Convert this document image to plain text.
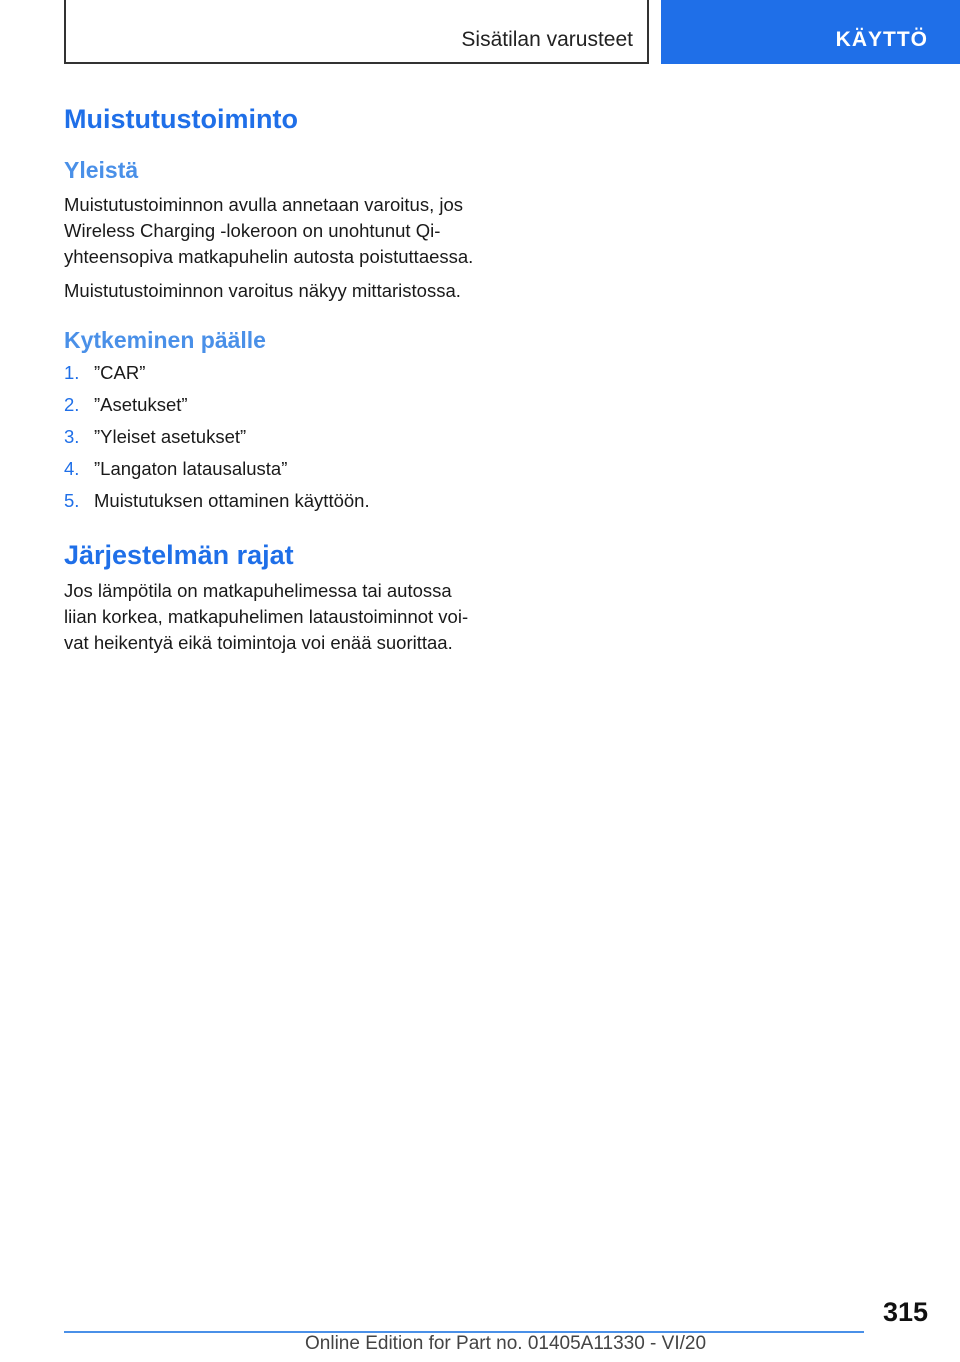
Sisätilan varusteet	KÄYTTÖ
Muistutustoiminto
Yleistä

Muistutustoiminnon avulla annetaan varoitus, jos Wireless Charging ‑lokeroon on unohtunut Qi-yhteensopiva matkapuhelin autosta poistuttaessa.

Muistutustoiminnon varoitus näkyy mittaristossa.

Kytkeminen päälle
1. ”CAR”
2. ”Asetukset”
3. ”Yleiset asetukset”
4. ”Langaton latausalusta”
5. Muistutuksen ottaminen käyttöön.
Järjestelmän rajat

Jos lämpötila on matkapuhelimessa tai autossa liian korkea, matkapuhelimen lataustoiminnot voivat heikentyä eikä toimintoja voi enää suorittaa.

315
Online Edition for Part no. 01405A11330 - VI/20
